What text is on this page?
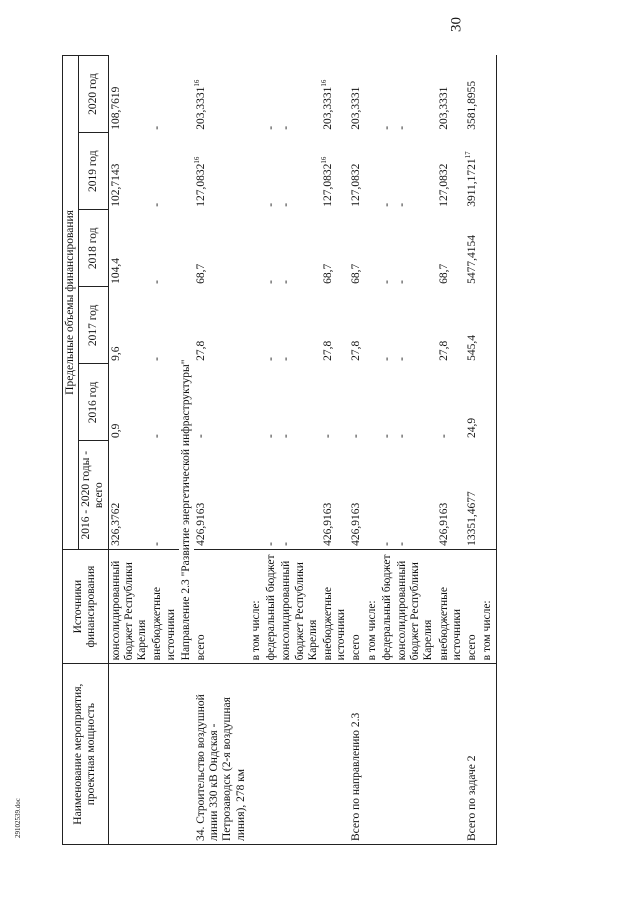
30
29102539.doc	Наименование мероприятия, проектная мощность	Источники финансирования	Предельные объемы финансирования					
		2016 - 2020 годы - всего	2016 год	2017 год	2018 год	2019 год	2020 год
	консолидированный бюджет Республики Карелия	326,3762	0,9	9,6	104,4	102,7143	108,7619
	внебюджетные источники	-	-	-	-	-	-
	Направление 2.3 "Развитие энергетической инфраструктуры"						
34. Строительство воздушной линии 330 кВ Ондская - Петрозаводск (2-я воздушная линия), 278 км	всего	426,9163	-	27,8	68,7	127,0832$^{16}$	203,3331$^{16}$
	в том числе:						
	федеральный бюджет	-	-	-	-	-	-
	консолидированный бюджет Республики Карелия	-	-	-	-	-	-
	внебюджетные источники	426,9163	-	27,8	68,7	127,0832$^{16}$	203,3331$^{16}$
Всего по направлению 2.3	всего	426,9163	-	27,8	68,7	127,0832	203,3331
	в том числе:						
	федеральный бюджет	-	-	-	-	-	-
	консолидированный бюджет Республики Карелия	-	-	-	-	-	-
	внебюджетные источники	426,9163	-	27,8	68,7	127,0832	203,3331
Всего по задаче 2	всего	13351,4677	24,9	545,4	5477,4154	3911,1721$^{17}$	3581,8955
	в том числе:						
